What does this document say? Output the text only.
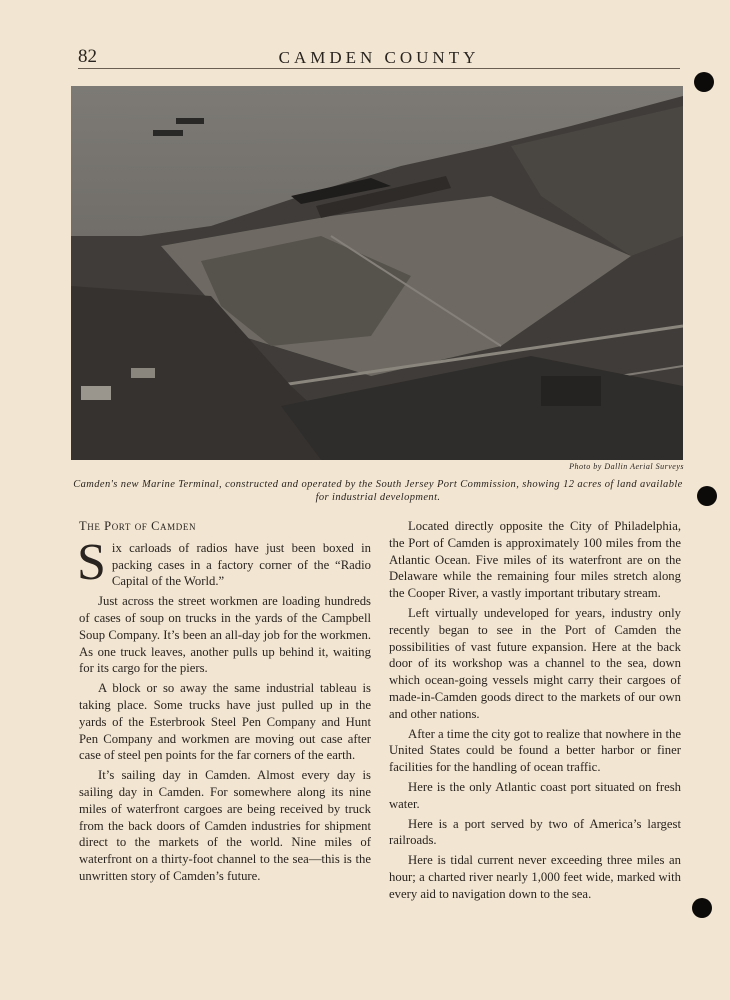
82	CAMDEN COUNTY
Photo by Dallin Aerial Surveys
Camden's new Marine Terminal, constructed and operated by the South Jersey Port Commission, showing 12 acres of land available for industrial development.
The Port of Camden

Six carloads of radios have just been boxed in packing cases in a factory corner of the “Radio Capital of the World.”

Just across the street workmen are loading hundreds of cases of soup on trucks in the yards of the Campbell Soup Company. It’s been an all-day job for the workmen. As one truck leaves, another pulls up behind it, waiting for its cargo for the piers.

A block or so away the same industrial tableau is taking place. Some trucks have just pulled up in the yards of the Esterbrook Steel Pen Company and Hunt Pen Company and workmen are moving out case after case of steel pen points for the far corners of the earth.

It’s sailing day in Camden. Almost every day is sailing day in Camden. For somewhere along its nine miles of waterfront cargoes are being received by truck from the back doors of Camden industries for shipment direct to the markets of the world. Nine miles of waterfront on a thirty-foot channel to the sea—this is the unwritten story of Camden’s future.

Located directly opposite the City of Philadelphia, the Port of Camden is approximately 100 miles from the Atlantic Ocean. Five miles of its waterfront are on the Delaware while the remaining four miles stretch along the Cooper River, a vastly important tributary stream.

Left virtually undeveloped for years, industry only recently began to see in the Port of Camden the possibilities of vast future expansion. Here at the back door of its workshop was a channel to the sea, down which ocean-going vessels might carry their cargoes of made-in-Camden goods direct to the markets of our own and other nations.

After a time the city got to realize that nowhere in the United States could be found a better harbor or finer facilities for the handling of ocean traffic.

Here is the only Atlantic coast port situated on fresh water.

Here is a port served by two of America’s largest railroads.

Here is tidal current never exceeding three miles an hour; a charted river nearly 1,000 feet wide, marked with every aid to navigation down to the sea.
